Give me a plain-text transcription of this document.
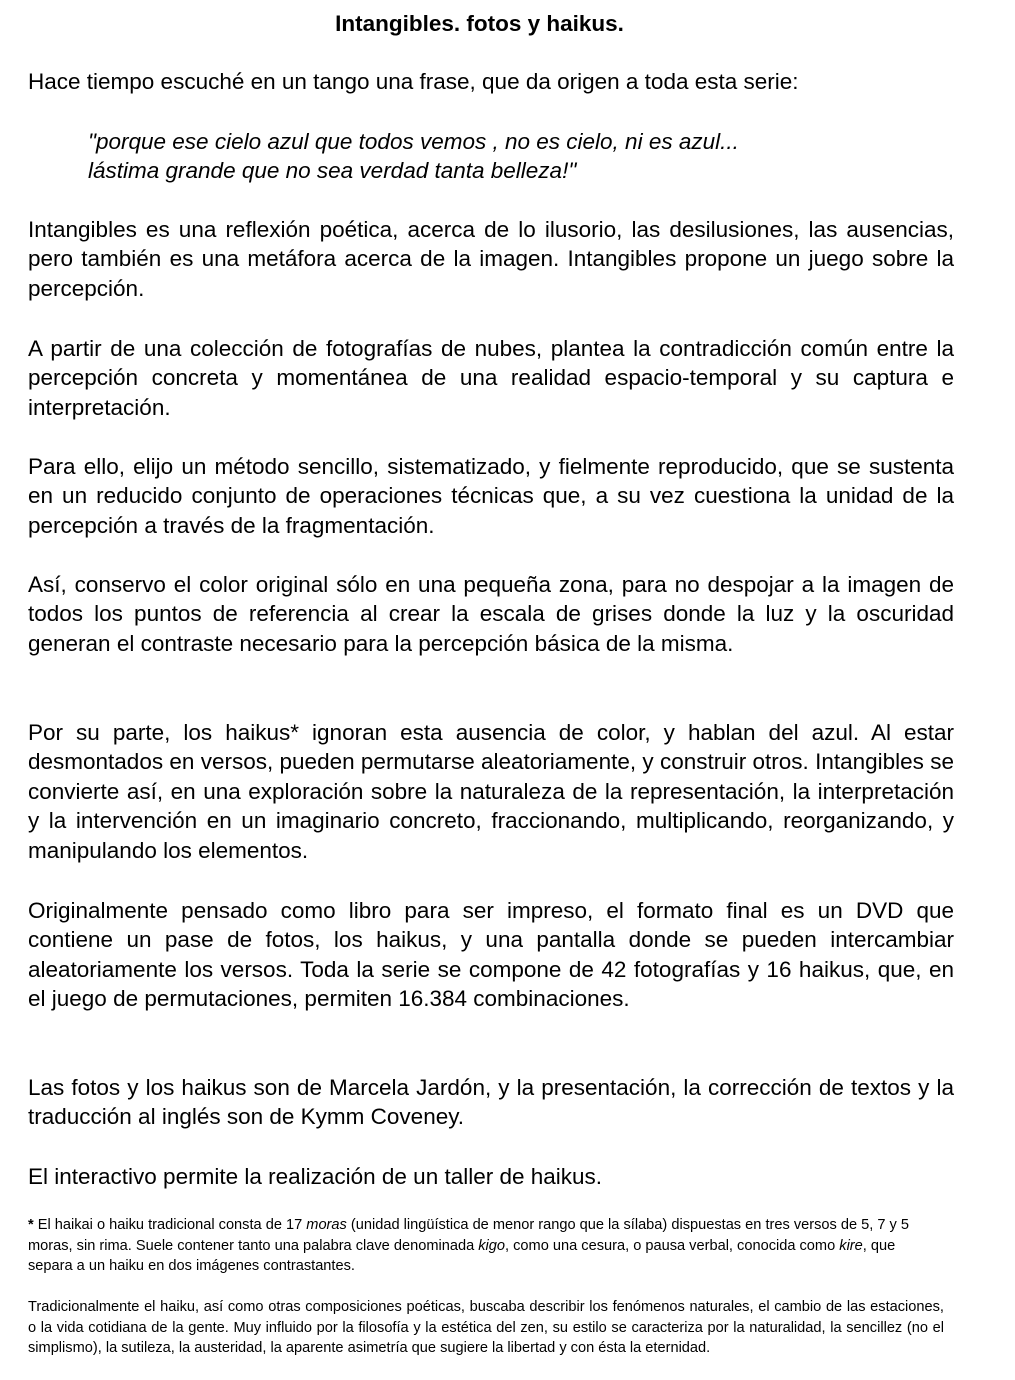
Intangibles. fotos y haikus.

Hace tiempo escuché en un tango una frase, que da origen a toda esta serie:

"porque ese cielo azul que todos vemos , no es cielo, ni es azul...
lástima grande que no sea verdad tanta belleza!"

Intangibles es una reflexión poética, acerca de lo ilusorio, las desilusiones, las ausencias, pero también es una metáfora acerca de la imagen. Intangibles propone un juego sobre la percepción.

A partir de una colección de fotografías de nubes, plantea la contradicción común entre la percepción concreta y momentánea de una realidad espacio-temporal y su captura e interpretación.

Para ello, elijo un método sencillo, sistematizado, y fielmente reproducido, que se sustenta en un reducido conjunto de operaciones técnicas que, a su vez cuestiona la unidad de la percepción a través de la fragmentación.

Así, conservo el color original sólo en una pequeña zona, para no despojar a la imagen de todos los puntos de referencia al crear la escala de grises donde la luz y la oscuridad generan el contraste necesario para la percepción básica de la misma.

Por su parte, los haikus* ignoran esta ausencia de color, y hablan del azul. Al estar desmontados en versos, pueden permutarse aleatoriamente, y construir otros. Intangibles se convierte así, en una exploración sobre la naturaleza de la representación, la interpretación y la intervención en un imaginario concreto, fraccionando, multiplicando, reorganizando, y manipulando los elementos.

Originalmente pensado como libro para ser impreso, el formato final es un DVD que contiene un pase de fotos, los haikus, y una pantalla donde se pueden intercambiar aleatoriamente los versos. Toda la serie se compone de 42 fotografías y 16 haikus, que, en el juego de permutaciones, permiten 16.384 combinaciones.

Las fotos y los haikus son de Marcela Jardón, y la presentación, la corrección de textos y la traducción al inglés son de Kymm Coveney.

El interactivo permite la realización de un taller de haikus.

* El haikai o haiku tradicional consta de 17 moras (unidad lingüística de menor rango que la sílaba) dispuestas en tres versos de 5, 7 y 5 moras, sin rima. Suele contener tanto una palabra clave denominada kigo, como una cesura, o pausa verbal, conocida como kire, que separa a un haiku en dos imágenes contrastantes.

Tradicionalmente el haiku, así como otras composiciones poéticas, buscaba describir los fenómenos naturales, el cambio de las estaciones, o la vida cotidiana de la gente. Muy influido por la filosofía y la estética del zen, su estilo se caracteriza por la naturalidad, la sencillez (no el simplismo), la sutileza, la austeridad, la aparente asimetría que sugiere la libertad y con ésta la eternidad.
